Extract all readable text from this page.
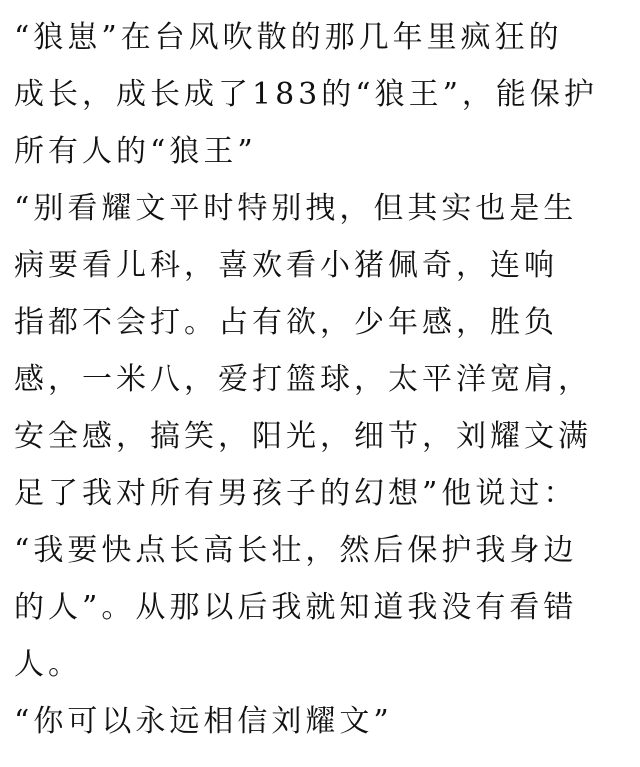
“狼崽”在台风吹散的那几年里疯狂的
成长，成长成了183的“狼王”，能保护
所有人的“狼王”
“别看耀文平时特别拽，但其实也是生
病要看儿科，喜欢看小猪佩奇，连响
指都不会打。占有欲，少年感，胜负
感，一米八，爱打篮球，太平洋宽肩，
安全感，搞笑，阳光，细节，刘耀文满
足了我对所有男孩子的幻想”他说过：
“我要快点长高长壮，然后保护我身边
的人”。从那以后我就知道我没有看错
人。
“你可以永远相信刘耀文”
